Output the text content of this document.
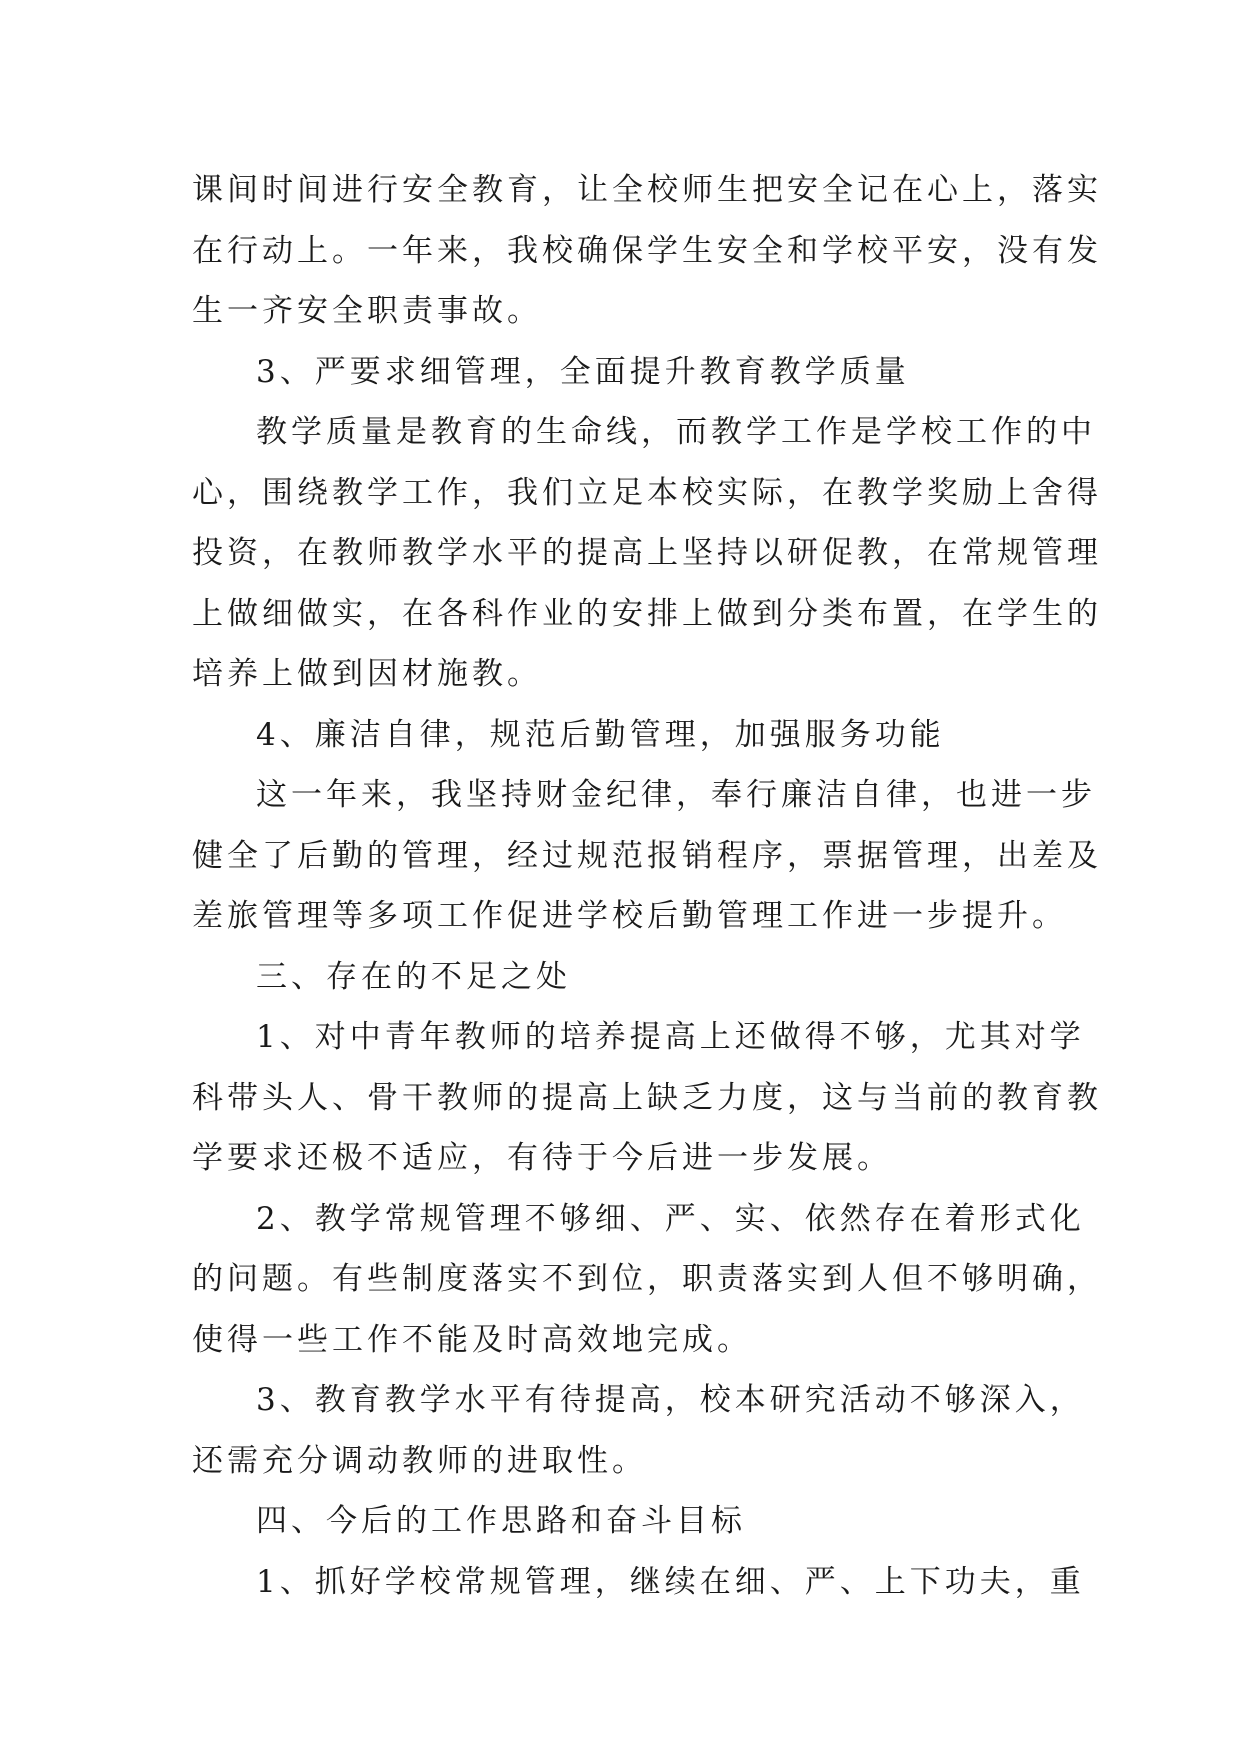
课间时间进行安全教育，让全校师生把安全记在心上，落实
在行动上。一年来，我校确保学生安全和学校平安，没有发
生一齐安全职责事故。
3、严要求细管理，全面提升教育教学质量
教学质量是教育的生命线，而教学工作是学校工作的中
心，围绕教学工作，我们立足本校实际，在教学奖励上舍得
投资，在教师教学水平的提高上坚持以研促教，在常规管理
上做细做实，在各科作业的安排上做到分类布置，在学生的
培养上做到因材施教。
4、廉洁自律，规范后勤管理，加强服务功能
这一年来，我坚持财金纪律，奉行廉洁自律，也进一步
健全了后勤的管理，经过规范报销程序，票据管理，出差及
差旅管理等多项工作促进学校后勤管理工作进一步提升。
三、存在的不足之处
1、对中青年教师的培养提高上还做得不够，尤其对学
科带头人、骨干教师的提高上缺乏力度，这与当前的教育教
学要求还极不适应，有待于今后进一步发展。
2、教学常规管理不够细、严、实、依然存在着形式化
的问题。有些制度落实不到位，职责落实到人但不够明确，
使得一些工作不能及时高效地完成。
3、教育教学水平有待提高，校本研究活动不够深入，
还需充分调动教师的进取性。
四、今后的工作思路和奋斗目标
1、抓好学校常规管理，继续在细、严、上下功夫，重
